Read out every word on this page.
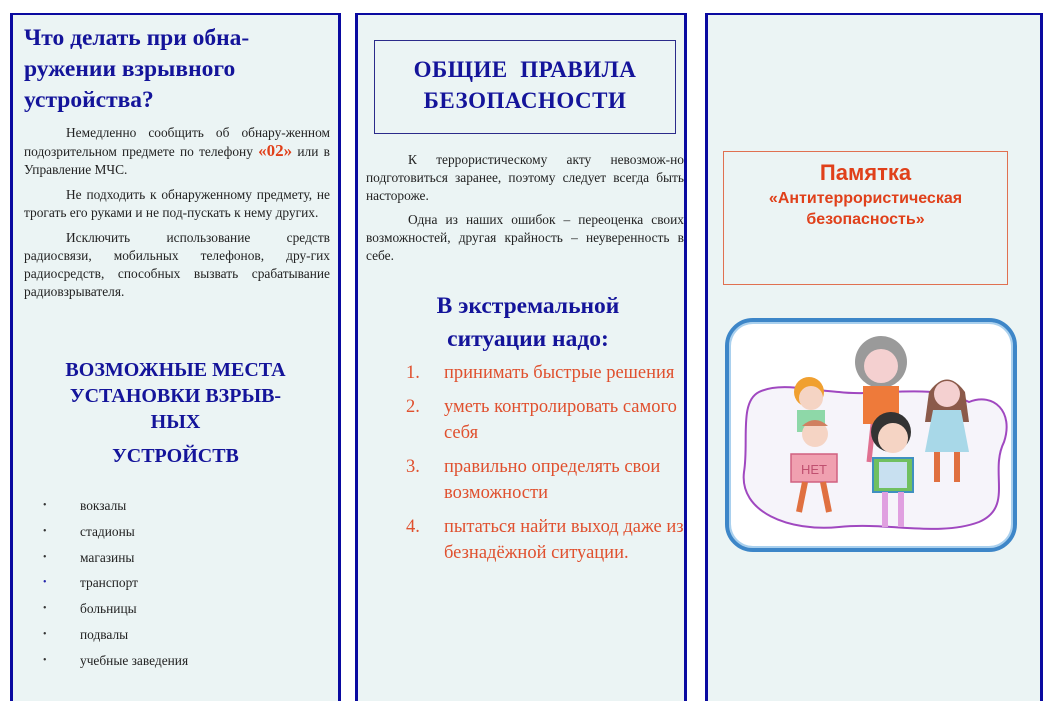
Что делать при обна-
ружении взрывного
устройства?

Немедленно сообщить об обнару-женном подозрительном предмете по телефону «02» или в Управление МЧС.

Не подходить к обнаруженному предмету, не трогать его руками и не под-пускать к нему других.

Исключить использование средств радиосвязи, мобильных телефонов, дру-гих радиосредств, способных вызвать срабатывание радиовзрывателя.

ВОЗМОЖНЫЕ МЕСТА
УСТАНОВКИ ВЗРЫВ-
НЫХ
УСТРОЙСТВ
• вокзалы
• стадионы
• магазины
• транспорт
• больницы
• подвалы
• учебные заведения
ОБЩИЕ  ПРАВИЛА
БЕЗОПАСНОСТИ

К террористическому акту невозмож-но подготовиться заранее, поэтому следует всегда быть настороже.

Одна из наших ошибок – переоценка своих возможностей, другая крайность – неуверенность в себе.

В экстремальной
ситуации надо:
1. принимать быстрые решения
2. уметь контролировать самого себя
3. правильно определять свои возможности
4. пытаться найти выход даже из безнадёжной ситуации.
Памятка
«Антитеррористическая безопасность»
НЕТ
